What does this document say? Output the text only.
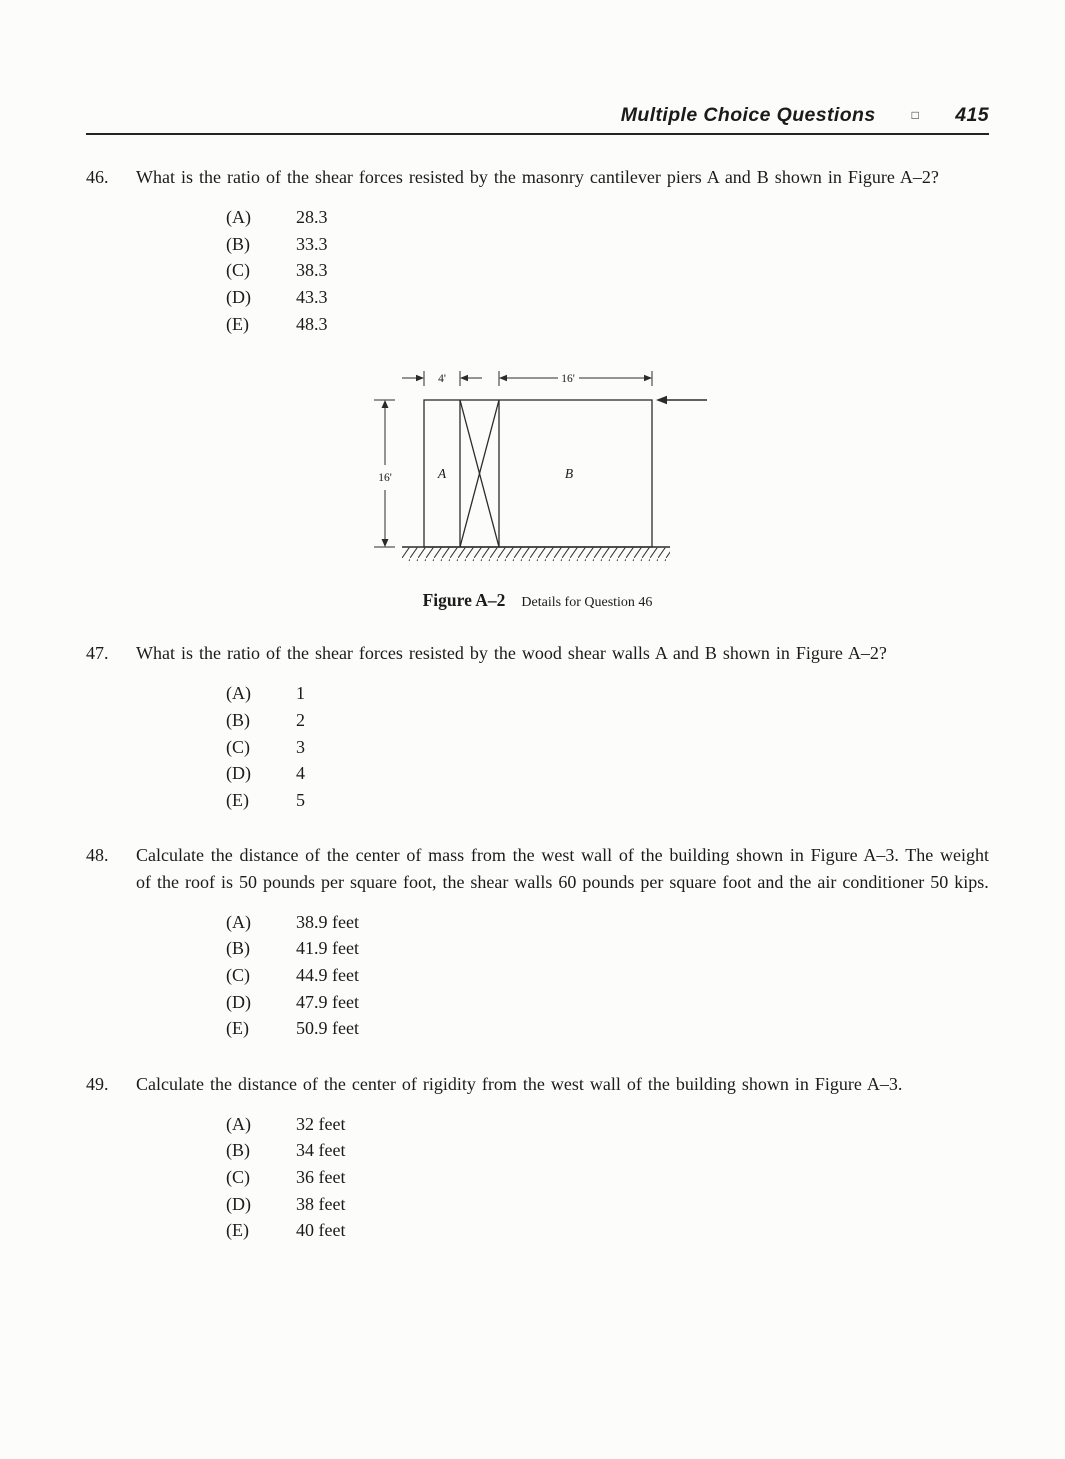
Multiple Choice Questions	□ 415
46.	What is the ratio of the shear forces resisted by the masonry cantilever piers A and B shown in Figure A–2?

(A)	28.3
(B)	33.3
(C)	38.3
(D)	43.3
(E)	48.3
4'	16'
16'	A	B
Figure A–2 Details for Question 46
47.	What is the ratio of the shear forces resisted by the wood shear walls A and B shown in Figure A–2?

(A)	1
(B)	2
(C)	3
(D)	4
(E)	5
48.	Calculate the distance of the center of mass from the west wall of the building shown in Figure A–3. The weight of the roof is 50 pounds per square foot, the shear walls 60 pounds per square foot and the air conditioner 50 kips.

(A)	38.9 feet
(B)	41.9 feet
(C)	44.9 feet
(D)	47.9 feet
(E)	50.9 feet
49.	Calculate the distance of the center of rigidity from the west wall of the building shown in Figure A–3.

(A)	32 feet
(B)	34 feet
(C)	36 feet
(D)	38 feet
(E)	40 feet
